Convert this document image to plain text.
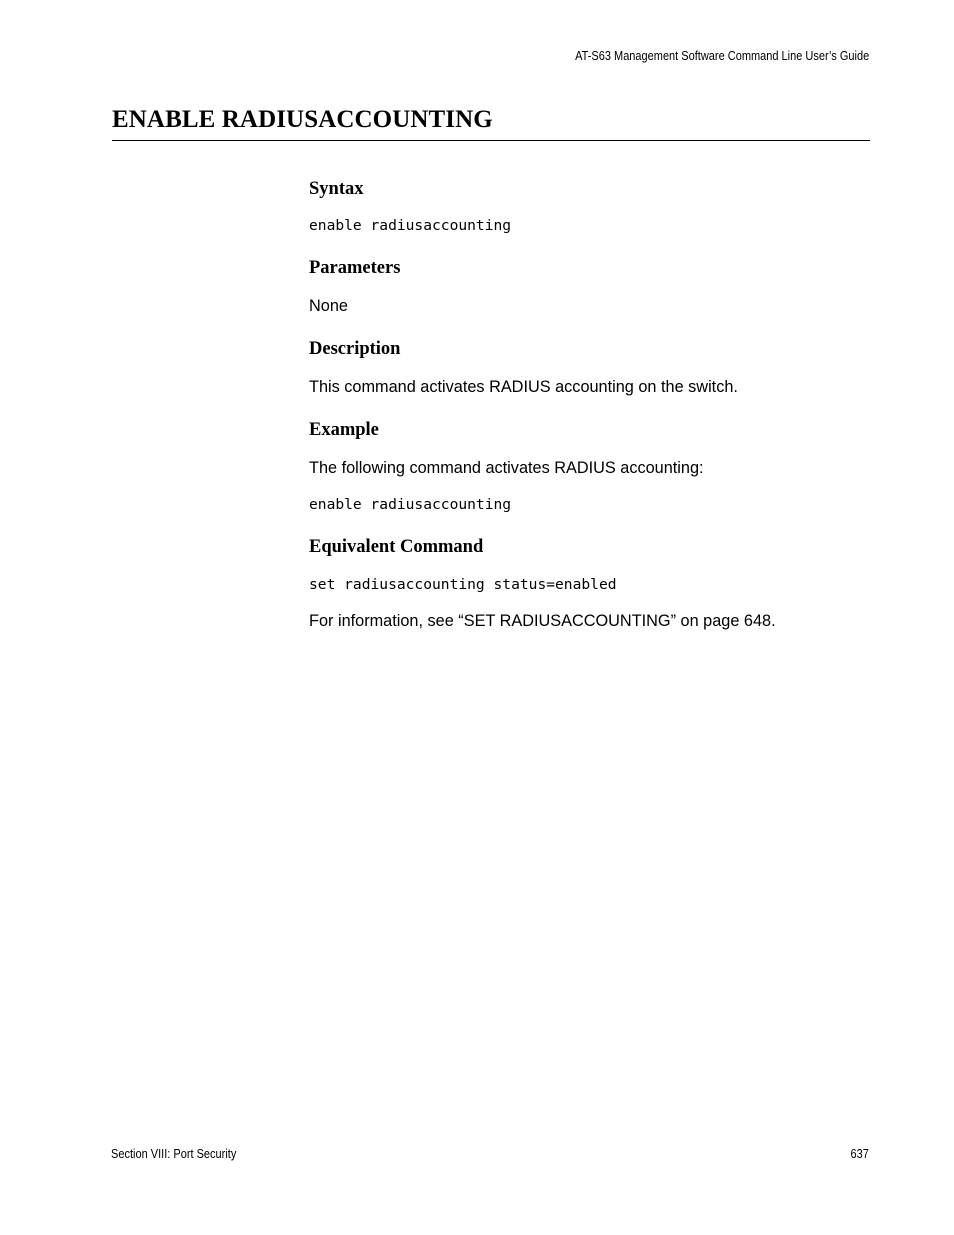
AT-S63 Management Software Command Line User’s Guide
ENABLE RADIUSACCOUNTING
Syntax
enable radiusaccounting
Parameters

None

Description

This command activates RADIUS accounting on the switch.

Example

The following command activates RADIUS accounting:

enable radiusaccounting
Equivalent Command
set radiusaccounting status=enabled

For information, see “SET RADIUSACCOUNTING” on page 648.

Section VIII: Port Security	637
